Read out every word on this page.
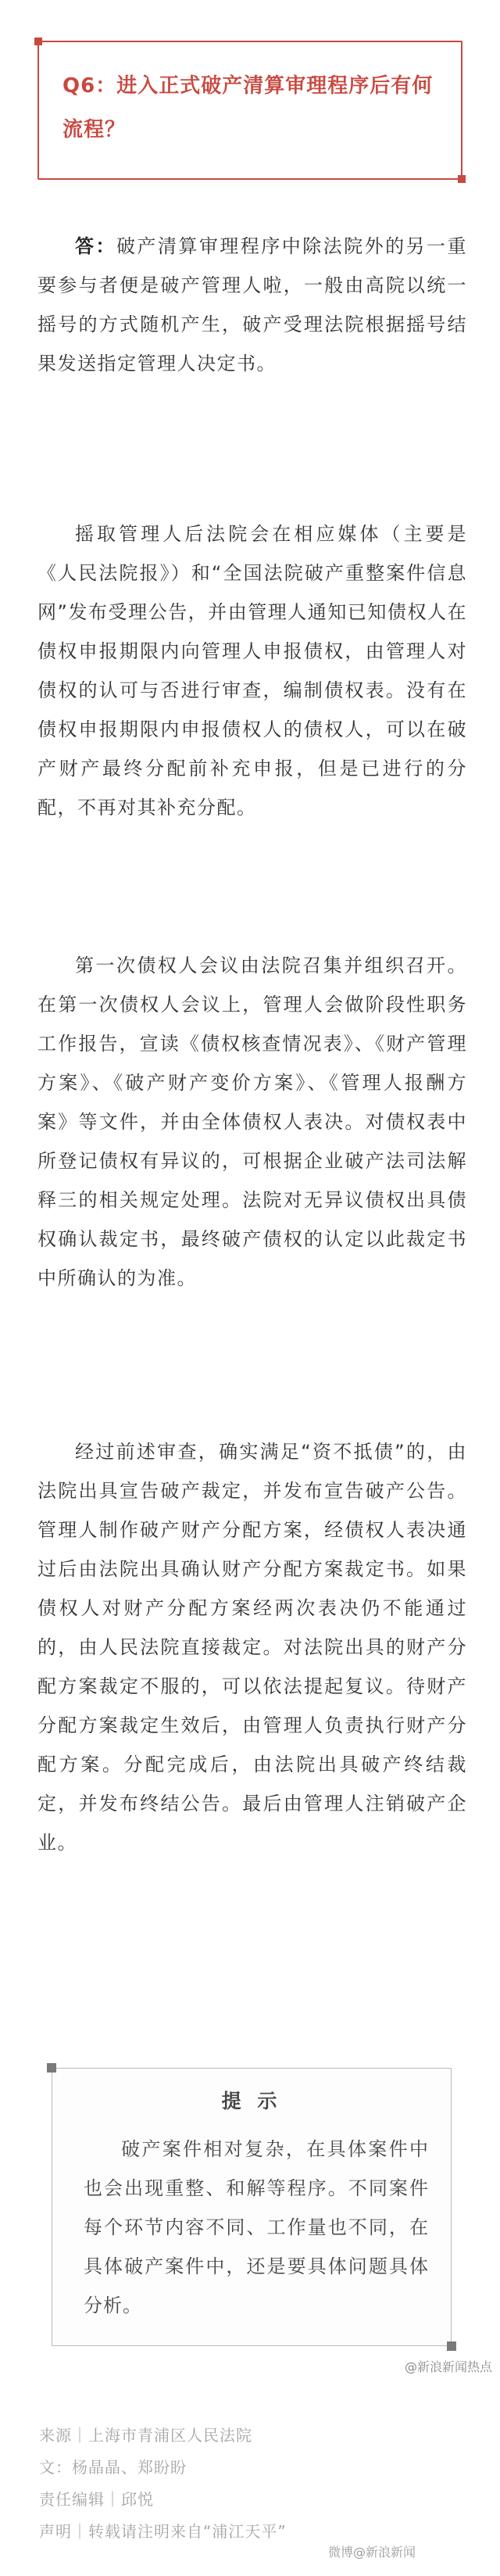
Q6：进入正式破产清算审理程序后有何流程？

答：破产清算审理程序中除法院外的另一重要参与者便是破产管理人啦，一般由高院以统一摇号的方式随机产生，破产受理法院根据摇号结果发送指定管理人决定书。

摇取管理人后法院会在相应媒体（主要是《人民法院报》）和“全国法院破产重整案件信息网”发布受理公告，并由管理人通知已知债权人在债权申报期限内向管理人申报债权，由管理人对债权的认可与否进行审查，编制债权表。没有在债权申报期限内申报债权人的债权人，可以在破产财产最终分配前补充申报，但是已进行的分配，不再对其补充分配。

第一次债权人会议由法院召集并组织召开。在第一次债权人会议上，管理人会做阶段性职务工作报告，宣读《债权核查情况表》、《财产管理方案》、《破产财产变价方案》、《管理人报酬方案》等文件，并由全体债权人表决。对债权表中所登记债权有异议的，可根据企业破产法司法解释三的相关规定处理。法院对无异议债权出具债权确认裁定书，最终破产债权的认定以此裁定书中所确认的为准。

经过前述审查，确实满足“资不抵债”的，由法院出具宣告破产裁定，并发布宣告破产公告。管理人制作破产财产分配方案，经债权人表决通过后由法院出具确认财产分配方案裁定书。如果债权人对财产分配方案经两次表决仍不能通过的，由人民法院直接裁定。对法院出具的财产分配方案裁定不服的，可以依法提起复议。待财产分配方案裁定生效后，由管理人负责执行财产分配方案。分配完成后，由法院出具破产终结裁定，并发布终结公告。最后由管理人注销破产企业。

提 示

破产案件相对复杂，在具体案件中也会出现重整、和解等程序。不同案件每个环节内容不同、工作量也不同，在具体破产案件中，还是要具体问题具体分析。

@新浪新闻热点

来源｜上海市青浦区人民法院

文：杨晶晶、郑盼盼

责任编辑｜邱悦

声明｜转载请注明来自“浦江天平”

微博@新浪新闻
